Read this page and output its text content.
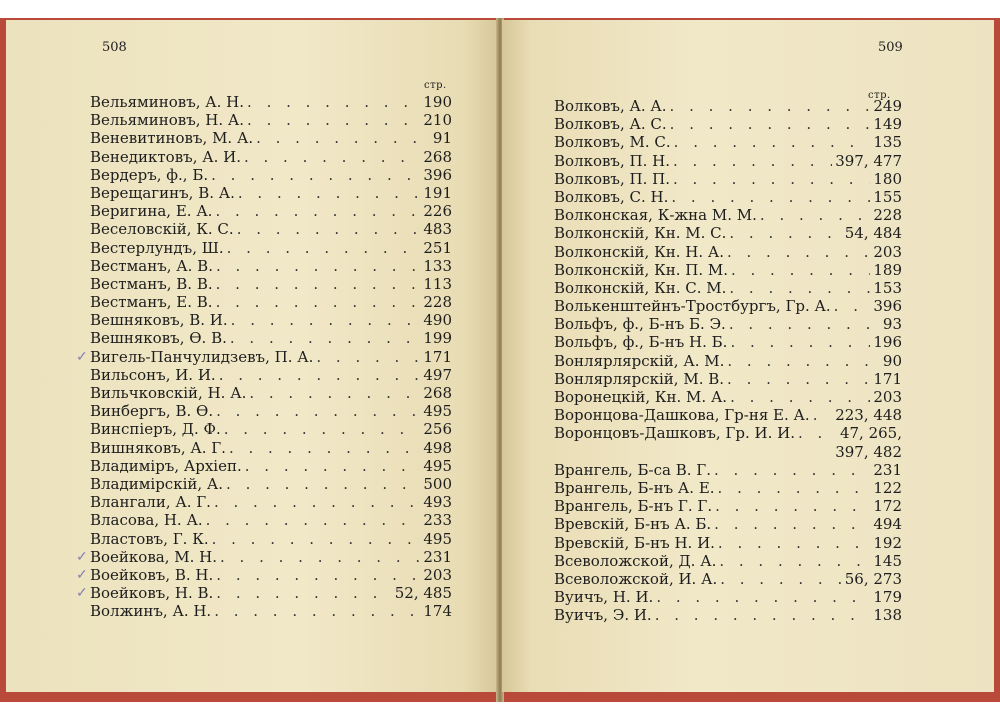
508
стр.
Вельяминовъ, А. Н. . . .	190
Вельяминовъ, Н. А. . . .	210
Веневитиновъ, М. А. . . .	91
Венедиктовъ, А. И. . . .	268
Вердеръ, ф., Б. . . .	396
Верещагинъ, В. А. . . .	191
Веригина, Е. А. . . .	226
Веселовскій, К. С. . . .	483
Вестерлундъ, Ш. . . .	251
Вестманъ, А. В. . . .	133
Вестманъ, В. В. . . .	113
Вестманъ, Е. В. . . .	228
Вешняковъ, В. И. . . .	490
Вешняковъ, Ѳ. В. . . .	199
✓ Вигель-Панчулидзевъ, П. А. . . .	171
Вильсонъ, И. И. . . .	497
Вильчковскій, Н. А. . . .	268
Винбергъ, В. Ѳ. . . .	495
Винспіеръ, Д. Ф. . . .	256
Вишняковъ, А. Г. . . .	498
Владиміръ, Архіеп. . . .	495
Владимірскій, А. . . .	500
Влангали, А. Г. . . .	493
Власова, Н. А. . . .	233
Властовъ, Г. К. . . .	495
✓ Воейкова, М. Н. . . .	231
✓ Воейковъ, В. Н. . . .	203
✓ Воейковъ, Н. В. . . .	52, 485
Волжинъ, А. Н. . . .	174
509
стр.
Волковъ, А. А. . . .	249
Волковъ, А. С. . . .	149
Волковъ, М. С. . . .	135
Волковъ, П. Н. . . .	397, 477
Волковъ, П. П. . . .	180
Волковъ, С. Н. . . .	155
Волконская, К-жна М. М. . . .	228
Волконскій, Кн. М. С. . . .	54, 484
Волконскій, Кн. Н. А. . . .	203
Волконскій, Кн. П. М. . . .	189
Волконскій, Кн. С. М. . . .	153
Волькенштейнъ-Тростбургъ, Гр. А. . . .	396
Вольфъ, ф., Б-нъ Б. Э. . . .	93
Вольфъ, ф., Б-нъ Н. Б. . . .	196
Вонлярлярскій, А. М. . . .	90
Вонлярлярскій, М. В. . . .	171
Воронецкій, Кн. М. А. . . .	203
Воронцова-Дашкова, Гр-ня Е. А. . . . 223, 448
Воронцовъ-Дашковъ, Гр. И. И. . . .	47, 265,
397, 482
Врангель, Б-са В. Г. . . .	231
Врангель, Б-нъ А. Е. . . .	122
Врангель, Б-нъ Г. Г. . . .	172
Вревскій, Б-нъ А. Б. . . .	494
Вревскій, Б-нъ Н. И. . . .	192
Всеволожской, Д. А. . . .	145
Всеволожской, И. А. . . .	56, 273
Вуичъ, Н. И. . . .	179
Вуичъ, Э. И. . . .	138
